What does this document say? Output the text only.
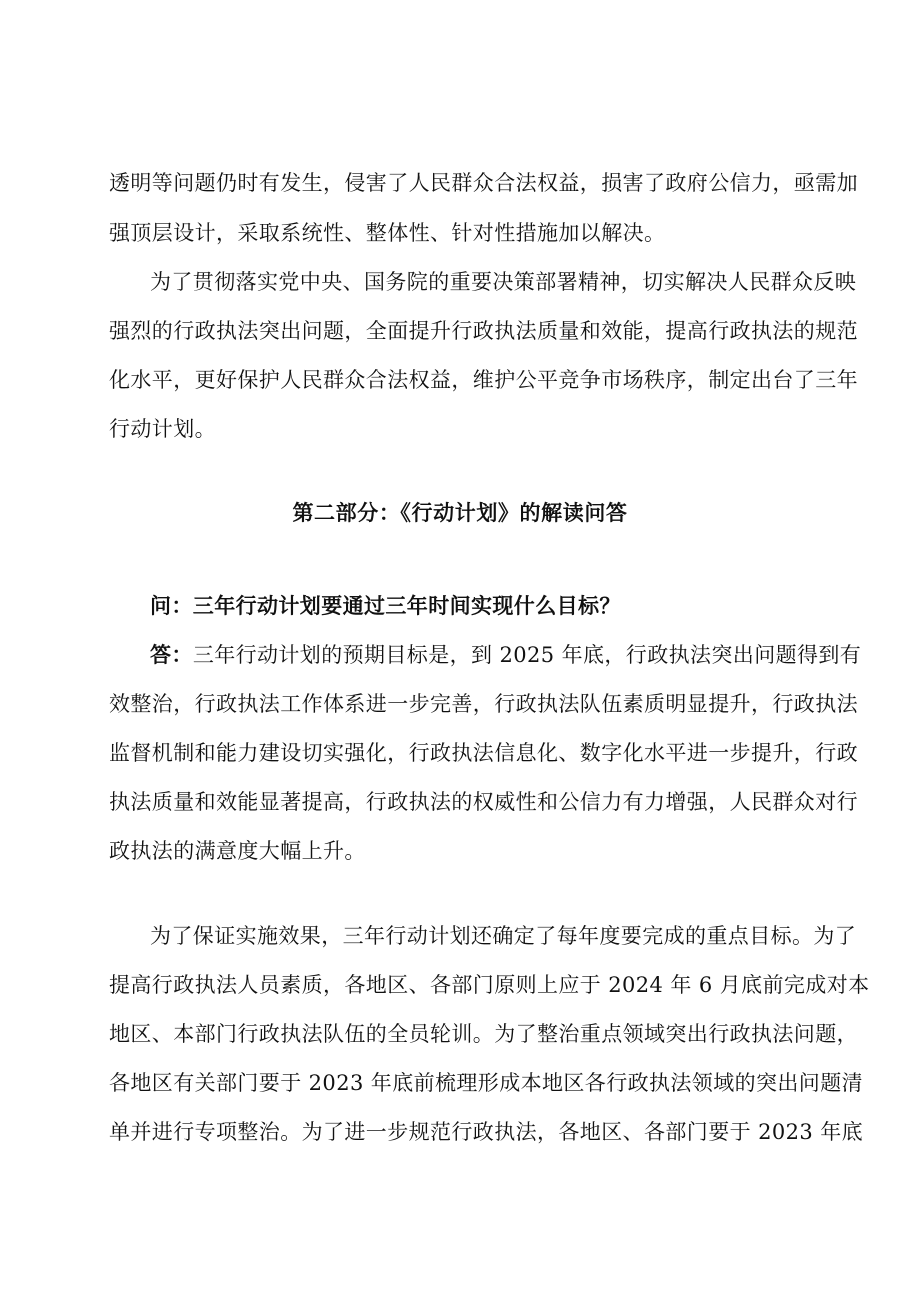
透明等问题仍时有发生，侵害了人民群众合法权益，损害了政府公信力，亟需加
强顶层设计，采取系统性、整体性、针对性措施加以解决。
为了贯彻落实党中央、国务院的重要决策部署精神，切实解决人民群众反映
强烈的行政执法突出问题，全面提升行政执法质量和效能，提高行政执法的规范
化水平，更好保护人民群众合法权益，维护公平竞争市场秩序，制定出台了三年
行动计划。
第二部分：《行动计划》的解读问答
问：三年行动计划要通过三年时间实现什么目标？
答：三年行动计划的预期目标是，到 2025 年底，行政执法突出问题得到有
效整治，行政执法工作体系进一步完善，行政执法队伍素质明显提升，行政执法
监督机制和能力建设切实强化，行政执法信息化、数字化水平进一步提升，行政
执法质量和效能显著提高，行政执法的权威性和公信力有力增强，人民群众对行
政执法的满意度大幅上升。
为了保证实施效果，三年行动计划还确定了每年度要完成的重点目标。为了
提高行政执法人员素质，各地区、各部门原则上应于 2024 年 6 月底前完成对本
地区、本部门行政执法队伍的全员轮训。为了整治重点领域突出行政执法问题，
各地区有关部门要于 2023 年底前梳理形成本地区各行政执法领域的突出问题清
单并进行专项整治。为了进一步规范行政执法，各地区、各部门要于 2023 年底
